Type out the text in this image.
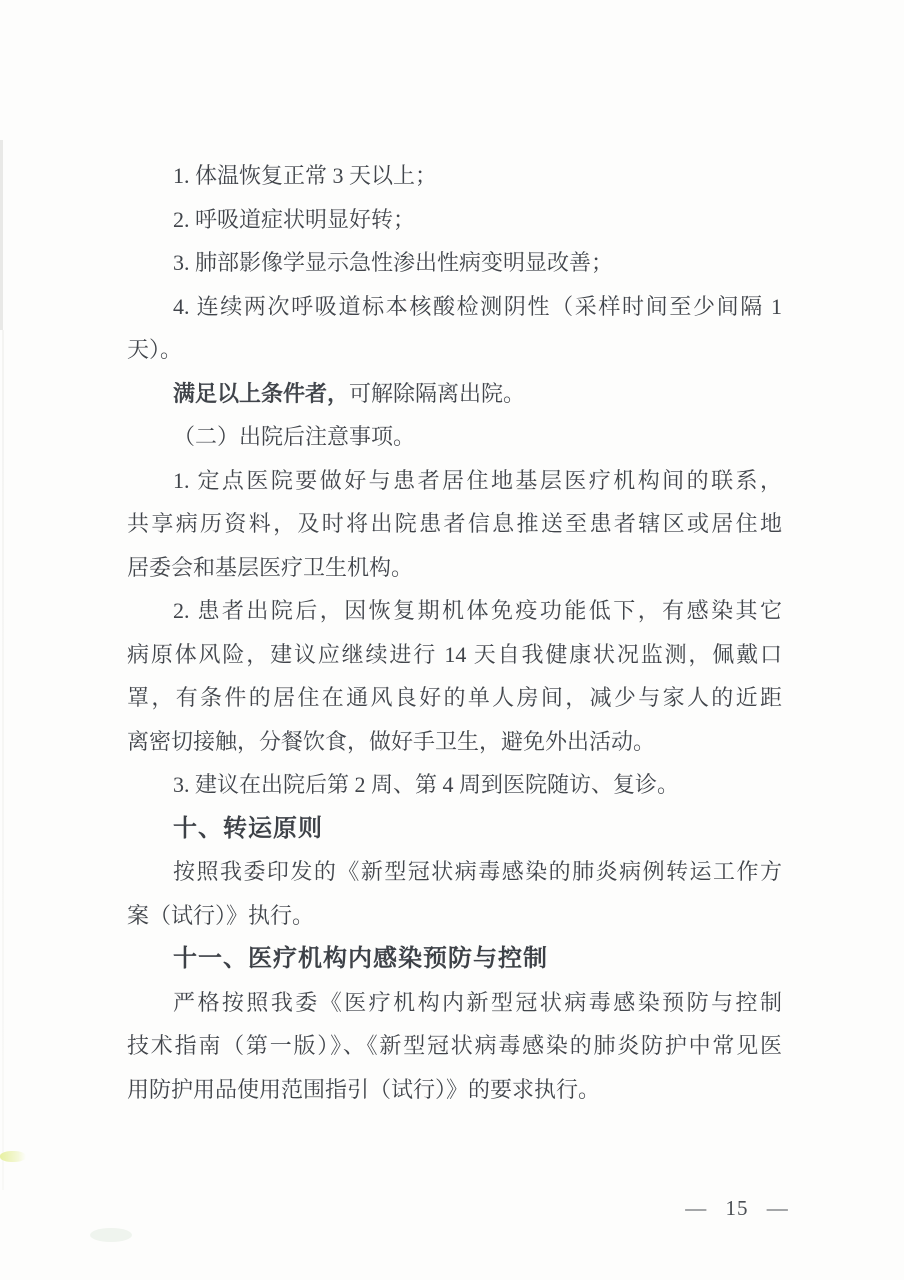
1. 体温恢复正常 3 天以上；
2. 呼吸道症状明显好转；
3. 肺部影像学显示急性渗出性病变明显改善；
4. 连续两次呼吸道标本核酸检测阴性（采样时间至少间隔 1
天）。
满足以上条件者，可解除隔离出院。
（二）出院后注意事项。
1. 定点医院要做好与患者居住地基层医疗机构间的联系，
共享病历资料，及时将出院患者信息推送至患者辖区或居住地
居委会和基层医疗卫生机构。
2. 患者出院后，因恢复期机体免疫功能低下，有感染其它
病原体风险，建议应继续进行 14 天自我健康状况监测，佩戴口
罩，有条件的居住在通风良好的单人房间，减少与家人的近距
离密切接触，分餐饮食，做好手卫生，避免外出活动。
3. 建议在出院后第 2 周、第 4 周到医院随访、复诊。
十、转运原则
按照我委印发的《新型冠状病毒感染的肺炎病例转运工作方
案（试行）》执行。
十一、医疗机构内感染预防与控制
严格按照我委《医疗机构内新型冠状病毒感染预防与控制
技术指南（第一版）》、《新型冠状病毒感染的肺炎防护中常见医
用防护用品使用范围指引（试行）》的要求执行。
— 15 —
